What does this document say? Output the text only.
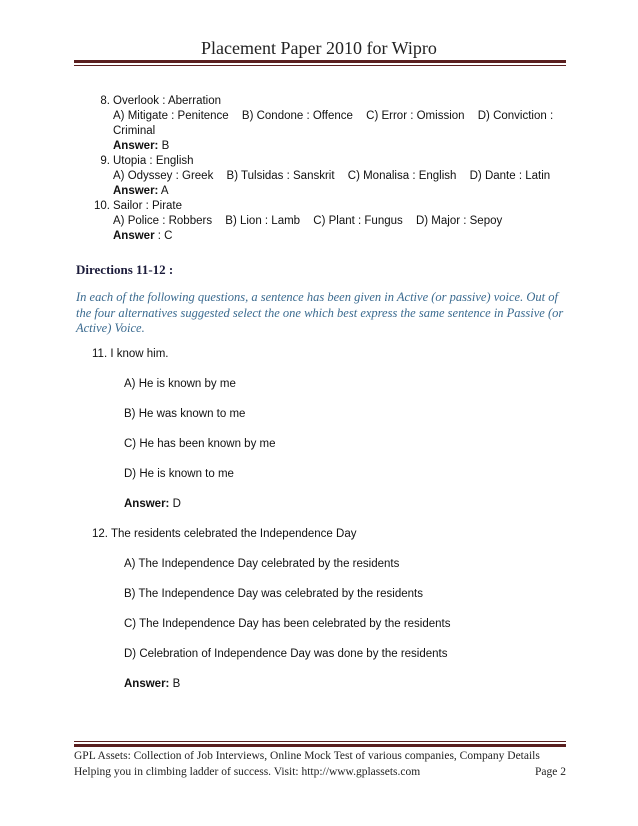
Placement Paper 2010 for Wipro
8. Overlook : Aberration
A) Mitigate : Penitence B) Condone : Offence C) Error : Omission D) Conviction :
Criminal
Answer: B
9. Utopia : English
A) Odyssey : Greek B) Tulsidas : Sanskrit C) Monalisa : English D) Dante : Latin
Answer: A
10. Sailor : Pirate
A) Police : Robbers B) Lion : Lamb C) Plant : Fungus D) Major : Sepoy
Answer : C
Directions 11-12 :
In each of the following questions, a sentence has been given in Active (or passive) voice. Out of the four alternatives suggested select the one which best express the same sentence in Passive (or Active) Voice.
11. I know him.
A) He is known by me
B) He was known to me
C) He has been known by me
D) He is known to me
Answer: D
12. The residents celebrated the Independence Day
A) The Independence Day celebrated by the residents
B) The Independence Day was celebrated by the residents
C) The Independence Day has been celebrated by the residents
D) Celebration of Independence Day was done by the residents
Answer: B
GPL Assets: Collection of Job Interviews, Online Mock Test of various companies, Company Details
Helping you in climbing ladder of success. Visit: http://www.gplassets.com	Page 2
